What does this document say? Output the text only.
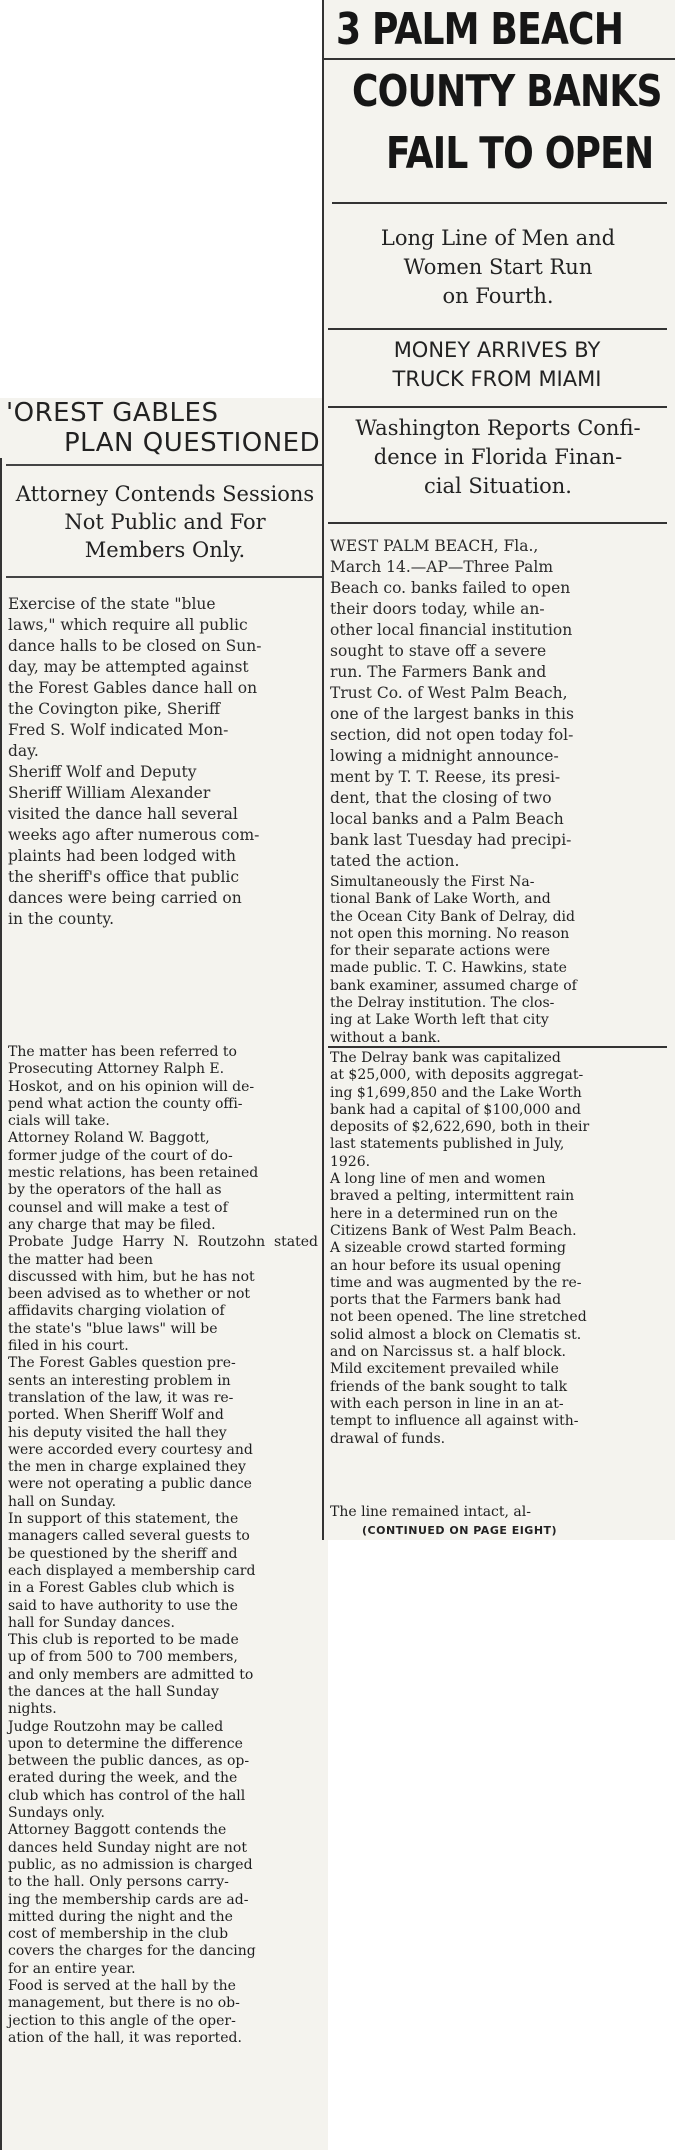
'OREST GABLES
PLAN QUESTIONED
Attorney Contends Sessions
Not Public and For
Members Only.
Exercise of the state "blue
laws," which require all public
dance halls to be closed on Sun-
day, may be attempted against
the Forest Gables dance hall on
the Covington pike, Sheriff
Fred S. Wolf indicated Mon-
day.
Sheriff Wolf and Deputy
Sheriff William Alexander
visited the dance hall several
weeks ago after numerous com-
plaints had been lodged with
the sheriff's office that public
dances were being carried on
in the county.
The matter has been referred to
Prosecuting Attorney Ralph E.
Hoskot, and on his opinion will de-
pend what action the county offi-
cials will take.
Attorney Roland W. Baggott,
former judge of the court of do-
mestic relations, has been retained
by the operators of the hall as
counsel and will make a test of
any charge that may be filed.
Probate Judge Harry N. Routzohn stated the matter had been
discussed with him, but he has not
been advised as to whether or not
affidavits charging violation of
the state's "blue laws" will be
filed in his court.
The Forest Gables question pre-
sents an interesting problem in
translation of the law, it was re-
ported. When Sheriff Wolf and
his deputy visited the hall they
were accorded every courtesy and
the men in charge explained they
were not operating a public dance
hall on Sunday.
In support of this statement, the
managers called several guests to
be questioned by the sheriff and
each displayed a membership card
in a Forest Gables club which is
said to have authority to use the
hall for Sunday dances.
This club is reported to be made
up of from 500 to 700 members,
and only members are admitted to
the dances at the hall Sunday
nights.
Judge Routzohn may be called
upon to determine the difference
between the public dances, as op-
erated during the week, and the
club which has control of the hall
Sundays only.
Attorney Baggott contends the
dances held Sunday night are not
public, as no admission is charged
to the hall. Only persons carry-
ing the membership cards are ad-
mitted during the night and the
cost of membership in the club
covers the charges for the dancing
for an entire year.
Food is served at the hall by the
management, but there is no ob-
jection to this angle of the oper-
ation of the hall, it was reported.
3 PALM BEACH
COUNTY BANKS
FAIL TO OPEN
Long Line of Men and
Women Start Run
on Fourth.
MONEY ARRIVES BY
TRUCK FROM MIAMI
Washington Reports Confi-
dence in Florida Finan-
cial Situation.
WEST PALM BEACH, Fla.,
March 14.—AP—Three Palm
Beach co. banks failed to open
their doors today, while an-
other local financial institution
sought to stave off a severe
run. The Farmers Bank and
Trust Co. of West Palm Beach,
one of the largest banks in this
section, did not open today fol-
lowing a midnight announce-
ment by T. T. Reese, its presi-
dent, that the closing of two
local banks and a Palm Beach
bank last Tuesday had precipi-
tated the action.
Simultaneously the First Na-
tional Bank of Lake Worth, and
the Ocean City Bank of Delray, did
not open this morning. No reason
for their separate actions were
made public. T. C. Hawkins, state
bank examiner, assumed charge of
the Delray institution. The clos-
ing at Lake Worth left that city
without a bank.
The Delray bank was capitalized
at $25,000, with deposits aggregat-
ing $1,699,850 and the Lake Worth
bank had a capital of $100,000 and
deposits of $2,622,690, both in their
last statements published in July,
1926.
A long line of men and women
braved a pelting, intermittent rain
here in a determined run on the
Citizens Bank of West Palm Beach.
A sizeable crowd started forming
an hour before its usual opening
time and was augmented by the re-
ports that the Farmers bank had
not been opened. The line stretched
solid almost a block on Clematis st.
and on Narcissus st. a half block.
Mild excitement prevailed while
friends of the bank sought to talk
with each person in line in an at-
tempt to influence all against with-
drawal of funds.
The line remained intact, al-
(CONTINUED ON PAGE EIGHT)
